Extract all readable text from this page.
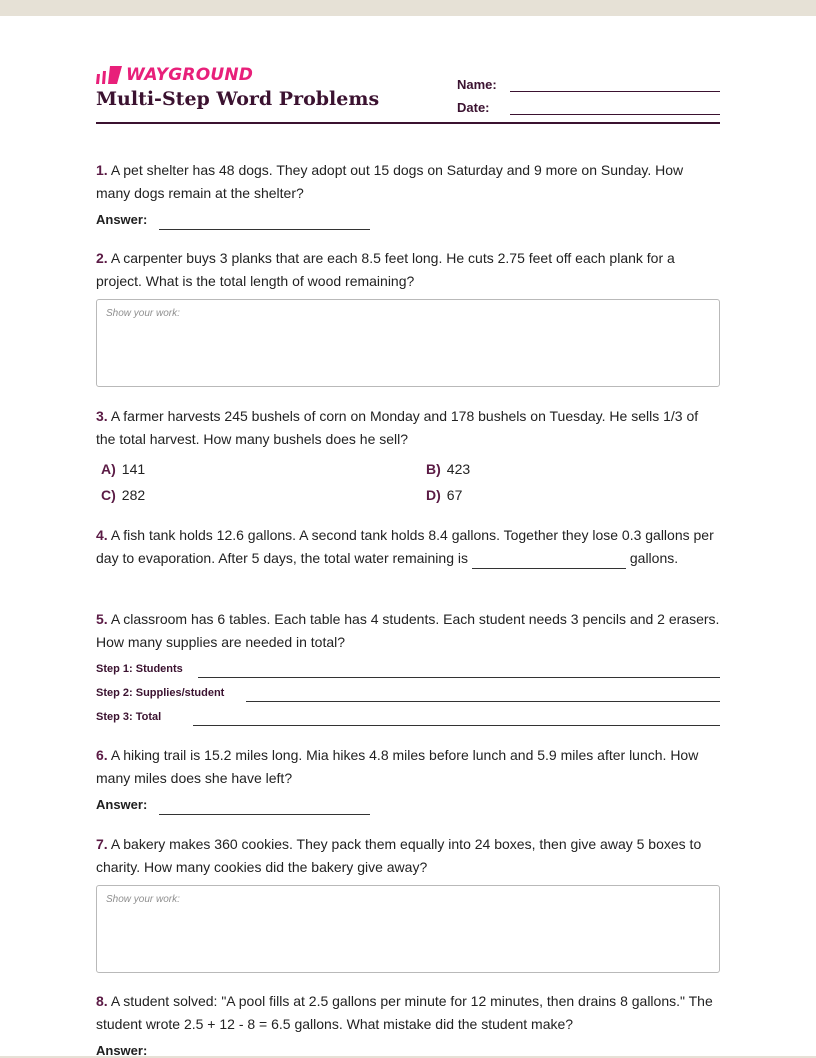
WAYGROUND
Multi-Step Word Problems
Name:
Date:
1. A pet shelter has 48 dogs. They adopt out 15 dogs on Saturday and 9 more on Sunday. How many dogs remain at the shelter?
Answer:
2. A carpenter buys 3 planks that are each 8.5 feet long. He cuts 2.75 feet off each plank for a project. What is the total length of wood remaining?
Show your work:
3. A farmer harvests 245 bushels of corn on Monday and 178 bushels on Tuesday. He sells 1/3 of the total harvest. How many bushels does he sell?
A) 141	B) 423
C) 282	D) 67
4. A fish tank holds 12.6 gallons. A second tank holds 8.4 gallons. Together they lose 0.3 gallons per day to evaporation. After 5 days, the total water remaining is	gallons.
5. A classroom has 6 tables. Each table has 4 students. Each student needs 3 pencils and 2 erasers. How many supplies are needed in total?
Step 1: Students
Step 2: Supplies/student
Step 3: Total
6. A hiking trail is 15.2 miles long. Mia hikes 4.8 miles before lunch and 5.9 miles after lunch. How many miles does she have left?
Answer:
7. A bakery makes 360 cookies. They pack them equally into 24 boxes, then give away 5 boxes to charity. How many cookies did the bakery give away?
Show your work:
8. A student solved: "A pool fills at 2.5 gallons per minute for 12 minutes, then drains 8 gallons." The student wrote 2.5 + 12 - 8 = 6.5 gallons. What mistake did the student make?
Answer:
